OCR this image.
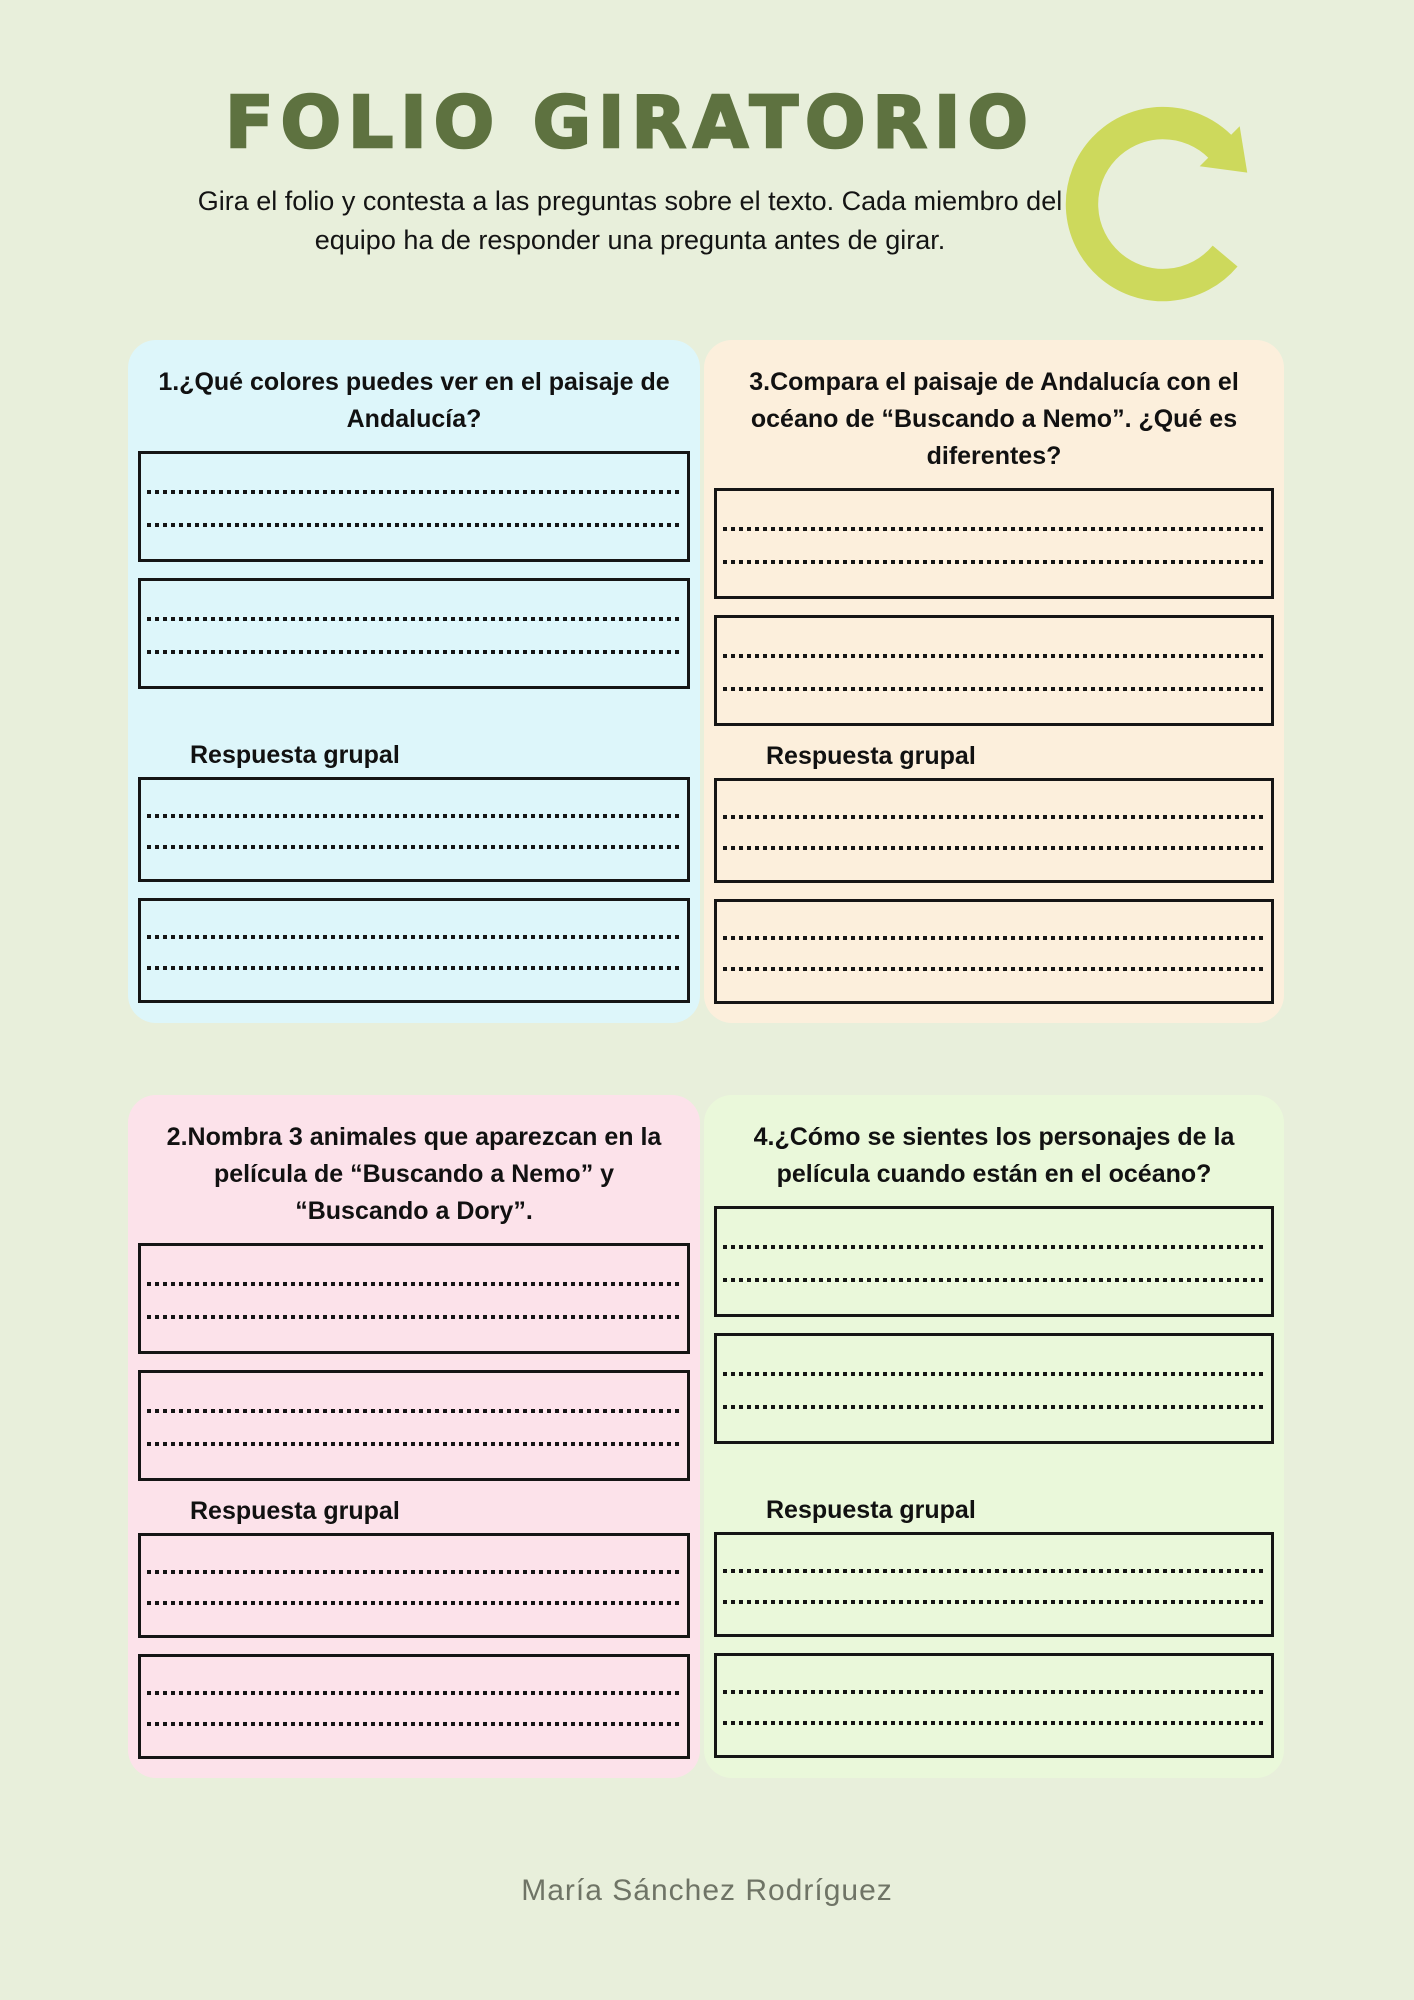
FOLIO GIRATORIO
Gira el folio y contesta a las preguntas sobre el texto. Cada miembro del
equipo ha de responder una pregunta antes de girar.
1.¿Qué colores puedes ver en el paisaje de Andalucía?
Respuesta grupal
3.Compara el paisaje de Andalucía con el océano de “Buscando a Nemo”. ¿Qué es diferentes?
Respuesta grupal
2.Nombra 3 animales que aparezcan en la película de “Buscando a Nemo” y “Buscando a Dory”.
Respuesta grupal
4.¿Cómo se sientes los personajes de la película cuando están en el océano?
Respuesta grupal
María Sánchez Rodríguez
